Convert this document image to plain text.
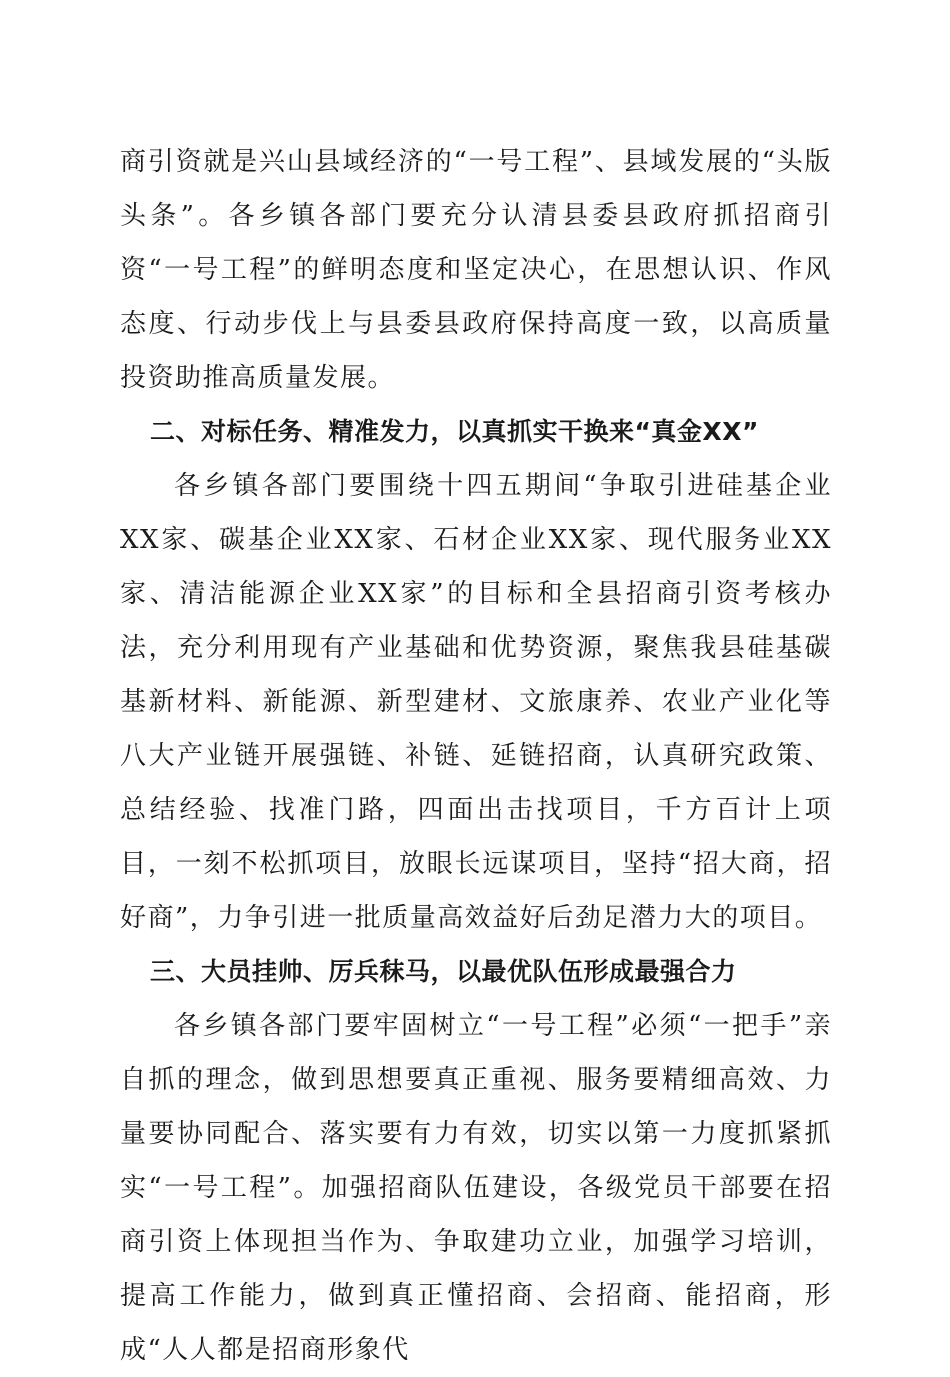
商引资就是兴山县域经济的“一号工程”、县域发展的“头版头条”。各乡镇各部门要充分认清县委县政府抓招商引资“一号工程”的鲜明态度和坚定决心，在思想认识、作风态度、行动步伐上与县委县政府保持高度一致，以高质量投资助推高质量发展。

二、对标任务、精准发力，以真抓实干换来“真金XX”

各乡镇各部门要围绕十四五期间“争取引进硅基企业XX家、碳基企业XX家、石材企业XX家、现代服务业XX家、清洁能源企业XX家”的目标和全县招商引资考核办法，充分利用现有产业基础和优势资源，聚焦我县硅基碳基新材料、新能源、新型建材、文旅康养、农业产业化等八大产业链开展强链、补链、延链招商，认真研究政策、总结经验、找准门路，四面出击找项目，千方百计上项目，一刻不松抓项目，放眼长远谋项目，坚持“招大商，招好商”，力争引进一批质量高效益好后劲足潜力大的项目。

三、大员挂帅、厉兵秣马，以最优队伍形成最强合力

各乡镇各部门要牢固树立“一号工程”必须“一把手”亲自抓的理念，做到思想要真正重视、服务要精细高效、力量要协同配合、落实要有力有效，切实以第一力度抓紧抓实“一号工程”。加强招商队伍建设，各级党员干部要在招商引资上体现担当作为、争取建功立业，加强学习培训，提高工作能力，做到真正懂招商、会招商、能招商，形成“人人都是招商形象代
